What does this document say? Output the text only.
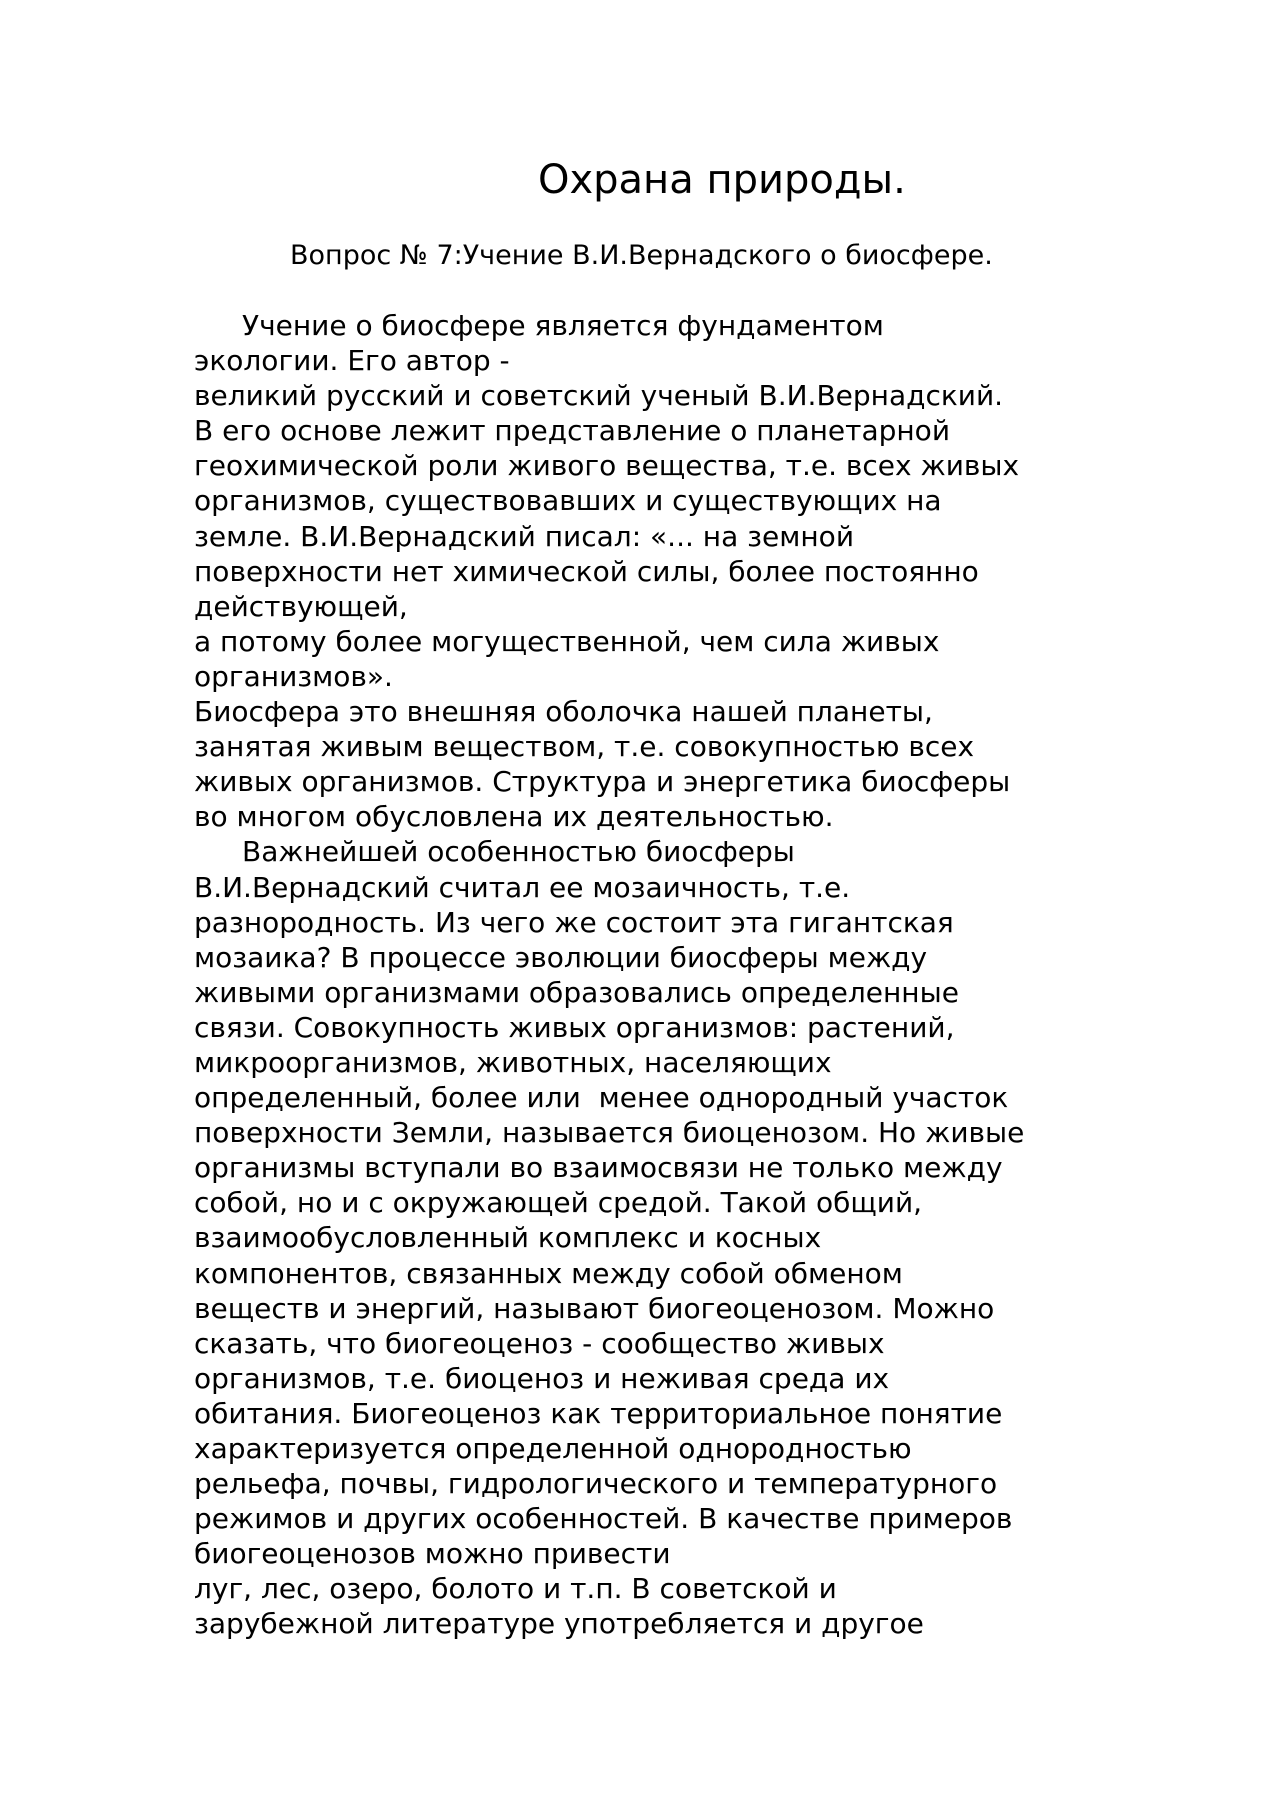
Охрана природы.
Вопрос № 7:Учение В.И.Вернадского о биосфере.
Учение о биосфере является фундаментом
экологии. Его автор -
великий русский и советский ученый В.И.Вернадский.
В его основе лежит представление о планетарной
геохимической роли живого вещества, т.е. всех живых
организмов, существовавших и существующих на
земле. В.И.Вернадский писал: «... на земной
поверхности нет химической силы, более постоянно
действующей,
а потому более могущественной, чем сила живых
организмов».
Биосфера это внешняя оболочка нашей планеты,
занятая живым веществом, т.е. совокупностью всех
живых организмов. Структура и энергетика биосферы
во многом обусловлена их деятельностью.
Важнейшей особенностью биосферы
В.И.Вернадский считал ее мозаичность, т.е.
разнородность. Из чего же состоит эта гигантская
мозаика? В процессе эволюции биосферы между
живыми организмами образовались определенные
связи. Совокупность живых организмов: растений,
микроорганизмов, животных, населяющих
определенный, более или  менее однородный участок
поверхности Земли, называется биоценозом. Но живые
организмы вступали во взаимосвязи не только между
собой, но и с окружающей средой. Такой общий,
взаимообусловленный комплекс и косных
компонентов, связанных между собой обменом
веществ и энергий, называют биогеоценозом. Можно
сказать, что биогеоценоз - сообщество живых
организмов, т.е. биоценоз и неживая среда их
обитания. Биогеоценоз как территориальное понятие
характеризуется определенной однородностью
рельефа, почвы, гидрологического и температурного
режимов и других особенностей. В качестве примеров
биогеоценозов можно привести
луг, лес, озеро, болото и т.п. В советской и
зарубежной литературе употребляется и другое
